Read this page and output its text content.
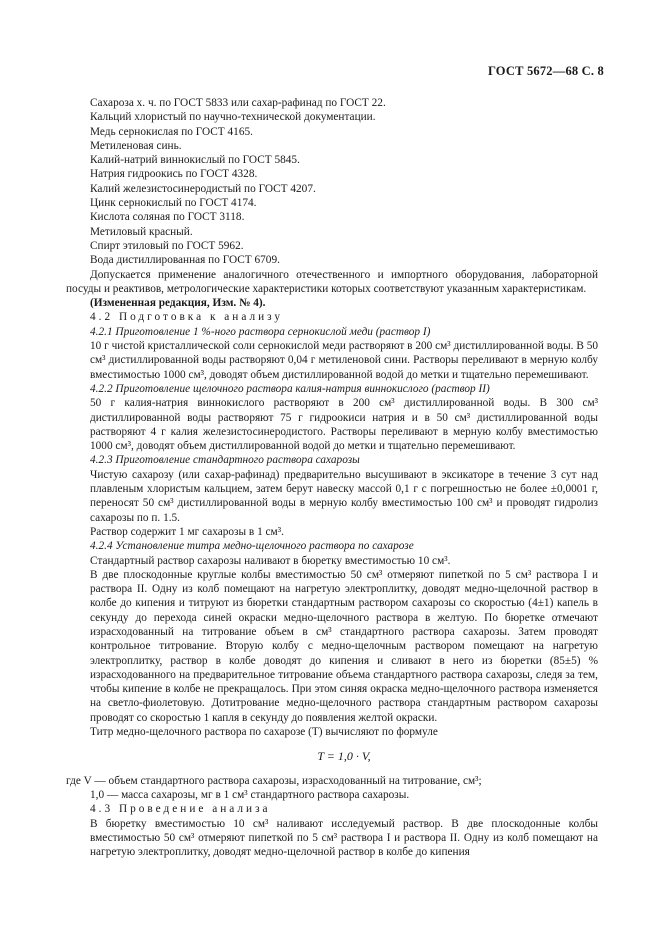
ГОСТ 5672—68 С. 8

Сахароза х. ч. по ГОСТ 5833 или сахар-рафинад по ГОСТ 22.

Кальций хлористый по научно-технической документации.

Медь сернокислая по ГОСТ 4165.

Метиленовая синь.

Калий-натрий виннокислый по ГОСТ 5845.

Натрия гидроокись по ГОСТ 4328.

Калий железистосинеродистый по ГОСТ 4207.

Цинк сернокислый по ГОСТ 4174.

Кислота соляная по ГОСТ 3118.

Метиловый красный.

Спирт этиловый по ГОСТ 5962.

Вода дистиллированная по ГОСТ 6709.

Допускается применение аналогичного отечественного и импортного оборудования, лабораторной посуды и реактивов, метрологические характеристики которых соответствуют указанным характеристикам.

(Измененная редакция, Изм. № 4).

4.2 Подготовка к анализу

4.2.1 Приготовление 1 %-ного раствора сернокислой меди (раствор I)

10 г чистой кристаллической соли сернокислой меди растворяют в 200 см³ дистиллированной воды. В 50 см³ дистиллированной воды растворяют 0,04 г метиленовой сини. Растворы переливают в мерную колбу вместимостью 1000 см³, доводят объем дистиллированной водой до метки и тщательно перемешивают.

4.2.2 Приготовление щелочного раствора калия-натрия виннокислого (раствор II)

50 г калия-натрия виннокислого растворяют в 200 см³ дистиллированной воды. В 300 см³ дистиллированной воды растворяют 75 г гидроокиси натрия и в 50 см³ дистиллированной воды растворяют 4 г калия железистосинеродистого. Растворы переливают в мерную колбу вместимостью 1000 см³, доводят объем дистиллированной водой до метки и тщательно перемешивают.

4.2.3 Приготовление стандартного раствора сахарозы

Чистую сахарозу (или сахар-рафинад) предварительно высушивают в эксикаторе в течение 3 сут над плавленым хлористым кальцием, затем берут навеску массой 0,1 г с погрешностью не более ±0,0001 г, переносят 50 см³ дистиллированной воды в мерную колбу вместимостью 100 см³ и проводят гидролиз сахарозы по п. 1.5.

Раствор содержит 1 мг сахарозы в 1 см³.

4.2.4 Установление титра медно-щелочного раствора по сахарозе

Стандартный раствор сахарозы наливают в бюретку вместимостью 10 см³.

В две плоскодонные круглые колбы вместимостью 50 см³ отмеряют пипеткой по 5 см³ раствора I и раствора II. Одну из колб помещают на нагретую электроплитку, доводят медно-щелочной раствор в колбе до кипения и титруют из бюретки стандартным раствором сахарозы со скоростью (4±1) капель в секунду до перехода синей окраски медно-щелочного раствора в желтую. По бюретке отмечают израсходованный на титрование объем в см³ стандартного раствора сахарозы. Затем проводят контрольное титрование. Вторую колбу с медно-щелочным раствором помещают на нагретую электроплитку, раствор в колбе доводят до кипения и сливают в него из бюретки (85±5) % израсходованного на предварительное титрование объема стандартного раствора сахарозы, следя за тем, чтобы кипение в колбе не прекращалось. При этом синяя окраска медно-щелочного раствора изменяется на светло-фиолетовую. Дотитрование медно-щелочного раствора стандартным раствором сахарозы проводят со скоростью 1 капля в секунду до появления желтой окраски.

Титр медно-щелочного раствора по сахарозе (T) вычисляют по формуле

T = 1,0 · V,

где V — объем стандартного раствора сахарозы, израсходованный на титрование, см³;

1,0 — масса сахарозы, мг в 1 см³ стандартного раствора сахарозы.

4.3 Проведение анализа

В бюретку вместимостью 10 см³ наливают исследуемый раствор. В две плоскодонные колбы вместимостью 50 см³ отмеряют пипеткой по 5 см³ раствора I и раствора II. Одну из колб помещают на нагретую электроплитку, доводят медно-щелочной раствор в колбе до кипения
